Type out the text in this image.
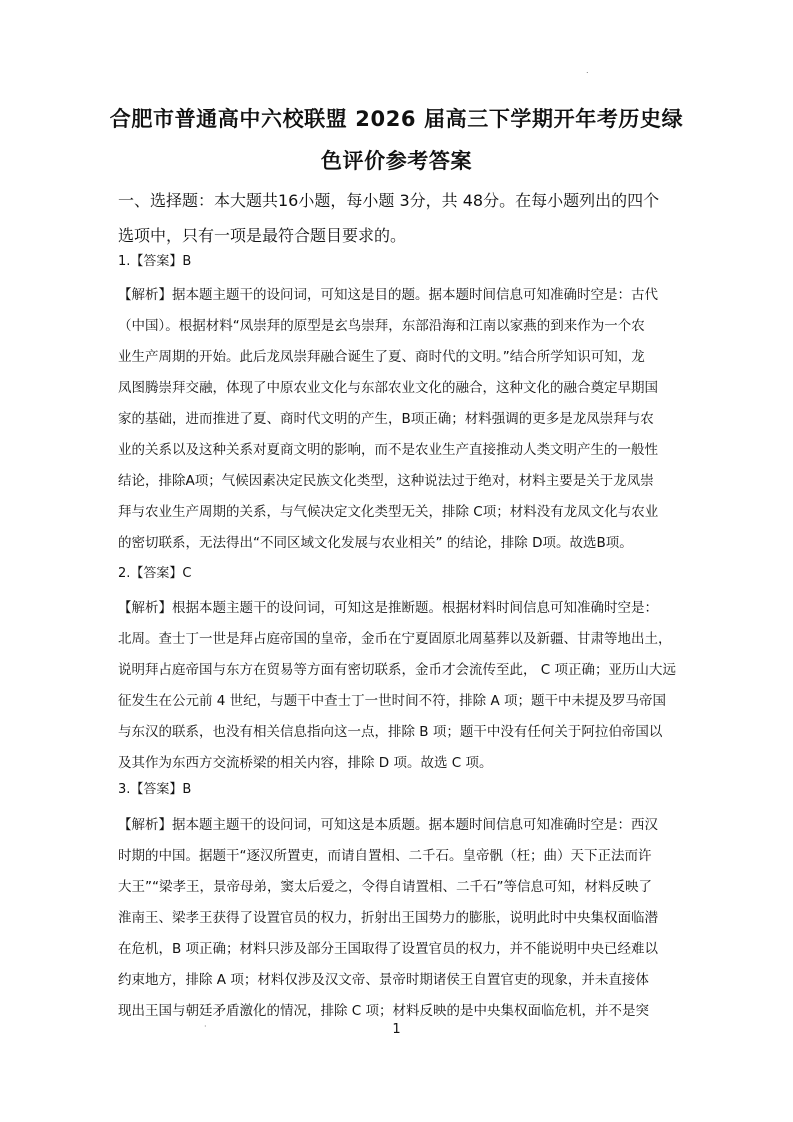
.
合肥市普通高中六校联盟 2026 届高三下学期开年考历史绿
色评价参考答案
一、选择题：本大题共16小题，每小题 3分，共 48分。在每小题列出的四个
选项中，只有一项是最符合题目要求的。
1.【答案】B
【解析】据本题主题干的设问词，可知这是目的题。据本题时间信息可知准确时空是：古代
（中国）。根据材料“凤崇拜的原型是玄鸟崇拜，东部沿海和江南以家燕的到来作为一个农
业生产周期的开始。此后龙凤崇拜融合诞生了夏、商时代的文明。”结合所学知识可知，龙
凤图腾崇拜交融，体现了中原农业文化与东部农业文化的融合，这种文化的融合奠定早期国
家的基础，进而推进了夏、商时代文明的产生，B项正确；材料强调的更多是龙凤崇拜与农
业的关系以及这种关系对夏商文明的影响，而不是农业生产直接推动人类文明产生的一般性
结论，排除A项；气候因素决定民族文化类型，这种说法过于绝对，材料主要是关于龙凤崇
拜与农业生产周期的关系，与气候决定文化类型无关，排除 C项；材料没有龙凤文化与农业
的密切联系，无法得出“不同区域文化发展与农业相关” 的结论，排除 D项。故选B项。
2.【答案】C
【解析】根据本题主题干的设问词，可知这是推断题。根据材料时间信息可知准确时空是：
北周。查士丁一世是拜占庭帝国的皇帝，金币在宁夏固原北周墓葬以及新疆、甘肃等地出土，
说明拜占庭帝国与东方在贸易等方面有密切联系，金币才会流传至此， C 项正确；亚历山大远
征发生在公元前 4 世纪，与题干中查士丁一世时间不符，排除 A 项；题干中未提及罗马帝国
与东汉的联系，也没有相关信息指向这一点，排除 B 项；题干中没有任何关于阿拉伯帝国以
及其作为东西方交流桥梁的相关内容，排除 D 项。故选 C 项。
3.【答案】B
【解析】据本题主题干的设问词，可知这是本质题。据本题时间信息可知准确时空是：西汉
时期的中国。据题干“逐汉所置吏，而请自置相、二千石。皇帝骪（枉；曲）天下正法而许
大王”“梁孝王，景帝母弟，窦太后爱之，令得自请置相、二千石”等信息可知，材料反映了
淮南王、梁孝王获得了设置官员的权力，折射出王国势力的膨胀，说明此时中央集权面临潜
在危机，B 项正确；材料只涉及部分王国取得了设置官员的权力，并不能说明中央已经难以
约束地方，排除 A 项；材料仅涉及汉文帝、景帝时期诸侯王自置官吏的现象，并未直接体
现出王国与朝廷矛盾激化的情况，排除 C 项；材料反映的是中央集权面临危机，并不是突
·	1
